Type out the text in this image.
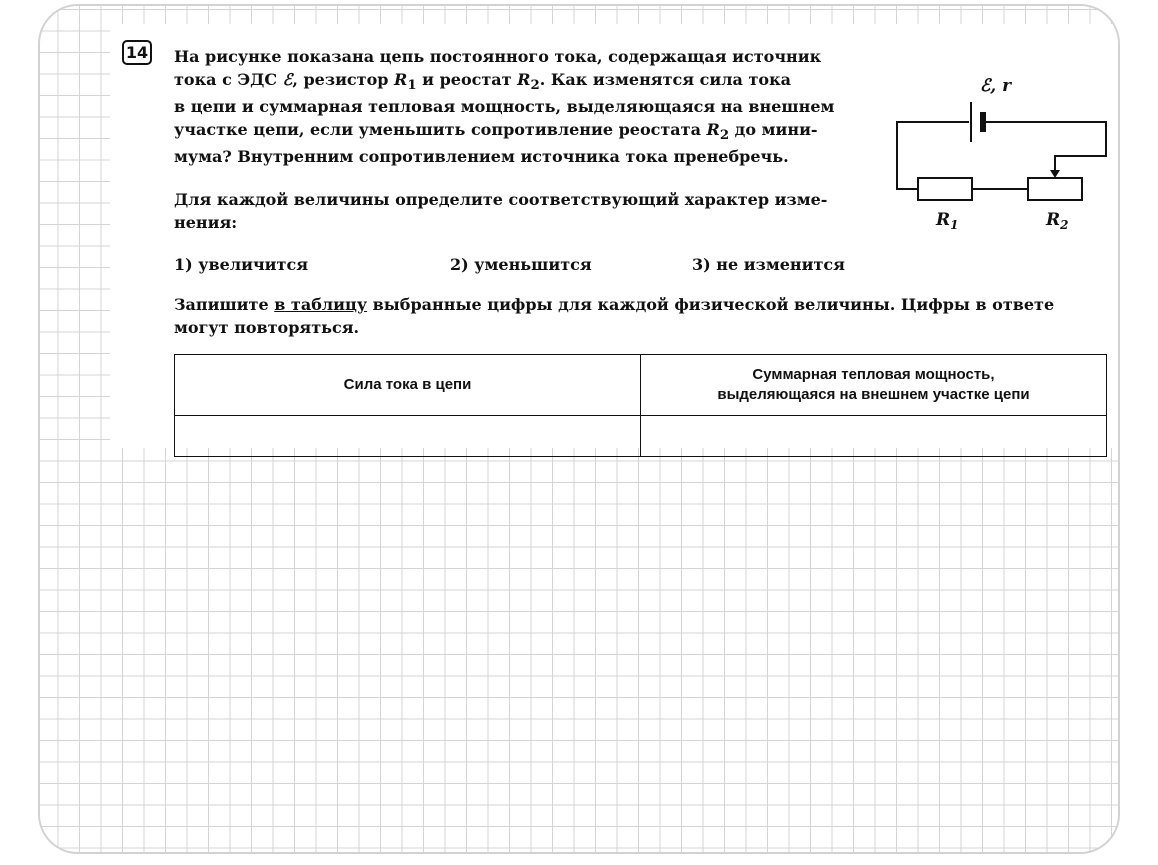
14 На рисунке показана цепь постоянного тока, содержащая источник
тока с ЭДС ℰ, резистор $R_1$ и реостат $R_2$. Как изменятся сила тока
в цепи и суммарная тепловая мощность, выделяющаяся на внешнем
участке цепи, если уменьшить сопротивление реостата $R_2$ до мини-
мума? Внутренним сопротивлением источника тока пренебречь.

Для каждой величины определите соответствующий характер изме-
нения:

1) увеличится	2) уменьшится	3) не изменится

Запишите в таблицу выбранные цифры для каждой физической величины. Цифры в ответе могут повторяться.

Сила тока в цепи	Суммарная тепловая мощность,
выделяющаяся на внешнем участке цепи

ℰ, r
$R_1$	$R_2$
